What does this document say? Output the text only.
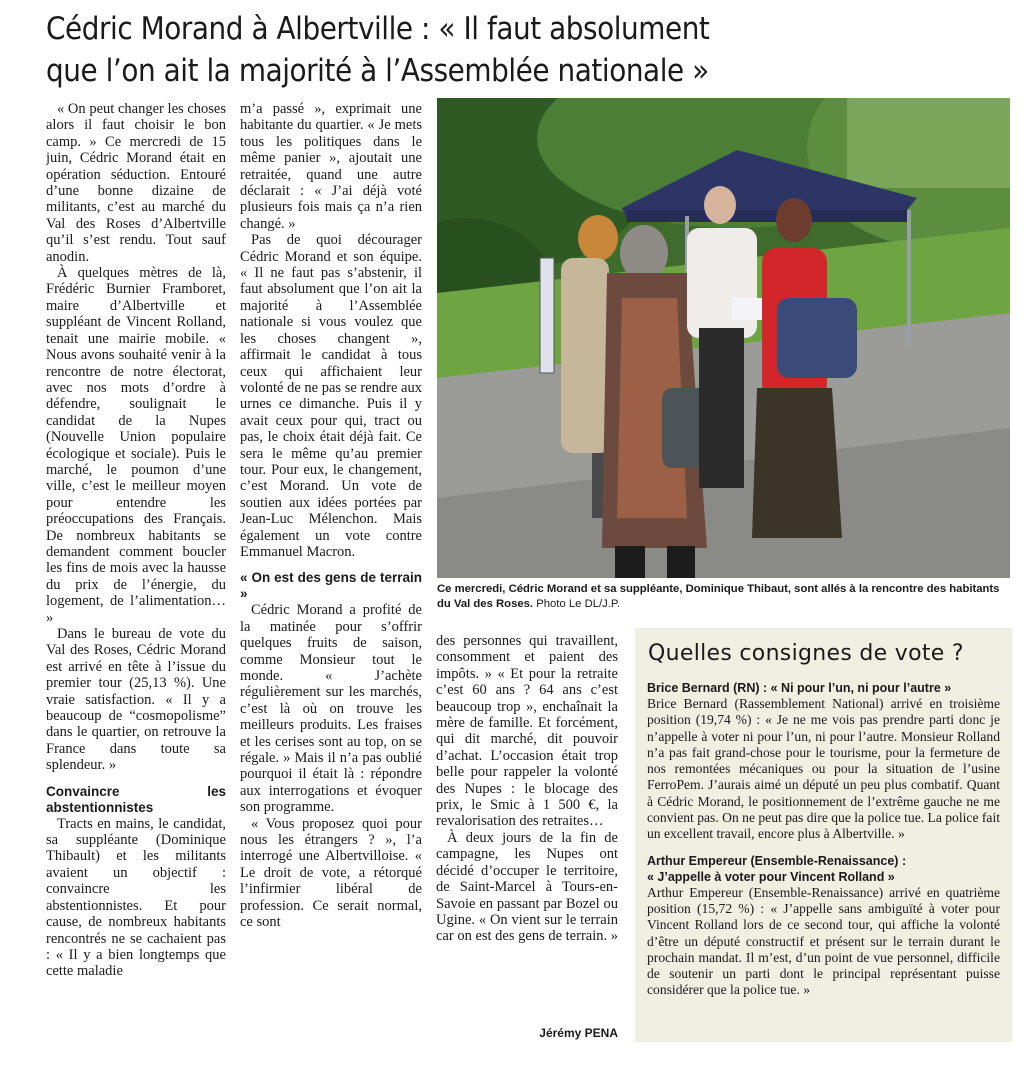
Cédric Morand à Albertville : « Il faut absolument
que l’on ait la majorité à l’Assemblée nationale »

« On peut changer les choses alors il faut choisir le bon camp. » Ce mercredi de 15 juin, Cédric Morand était en opération séduction. Entouré d’une bonne dizaine de militants, c’est au marché du Val des Roses d’Albertville qu’il s’est rendu. Tout sauf anodin.

À quelques mètres de là, Frédéric Burnier Framboret, maire d’Albertville et suppléant de Vincent Rolland, tenait une mairie mobile. « Nous avons souhaité venir à la rencontre de notre électorat, avec nos mots d’ordre à défendre, soulignait le candidat de la Nupes (Nouvelle Union populaire écologique et sociale). Puis le marché, le poumon d’une ville, c’est le meilleur moyen pour entendre les préoccupations des Français. De nombreux habitants se demandent comment boucler les fins de mois avec la hausse du prix de l’énergie, du logement, de l’alimentation… »

Dans le bureau de vote du Val des Roses, Cédric Morand est arrivé en tête à l’issue du premier tour (25,13 %). Une vraie satisfaction. « Il y a beaucoup de “cosmopolisme” dans le quartier, on retrouve la France dans toute sa splendeur. »

Convaincre les abstentionnistes

Tracts en mains, le candidat, sa suppléante (Dominique Thibault) et les militants avaient un objectif : convaincre les abstentionnistes. Et pour cause, de nombreux habitants rencontrés ne se cachaient pas : « Il y a bien longtemps que cette maladie

m’a passé », exprimait une habitante du quartier. « Je mets tous les politiques dans le même panier », ajoutait une retraitée, quand une autre déclarait : « J’ai déjà voté plusieurs fois mais ça n’a rien changé. »

Pas de quoi décourager Cédric Morand et son équipe. « Il ne faut pas s’abstenir, il faut absolument que l’on ait la majorité à l’Assemblée nationale si vous voulez que les choses changent », affirmait le candidat à tous ceux qui affichaient leur volonté de ne pas se rendre aux urnes ce dimanche. Puis il y avait ceux pour qui, tract ou pas, le choix était déjà fait. Ce sera le même qu’au premier tour. Pour eux, le changement, c’est Morand. Un vote de soutien aux idées portées par Jean-Luc Mélenchon. Mais également un vote contre Emmanuel Macron.

« On est des gens de terrain »

Cédric Morand a profité de la matinée pour s’offrir quelques fruits de saison, comme Monsieur tout le monde. « J’achète régulièrement sur les marchés, c’est là où on trouve les meilleurs produits. Les fraises et les cerises sont au top, on se régale. » Mais il n’a pas oublié pourquoi il était là : répondre aux interrogations et évoquer son programme.

« Vous proposez quoi pour nous les étrangers ? », l’a interrogé une Albertvilloise. « Le droit de vote, a rétorqué l’infirmier libéral de profession. Ce serait normal, ce sont

Ce mercredi, Cédric Morand et sa suppléante, Dominique Thibaut, sont allés à la rencontre des habitants du Val des Roses. Photo Le DL/J.P.

des personnes qui travaillent, consomment et paient des impôts. » « Et pour la retraite c’est 60 ans ? 64 ans c’est beaucoup trop », enchaînait la mère de famille. Et forcément, qui dit marché, dit pouvoir d’achat. L’occasion était trop belle pour rappeler la volonté des Nupes : le blocage des prix, le Smic à 1 500 €, la revalorisation des retraites…

À deux jours de la fin de campagne, les Nupes ont décidé d’occuper le territoire, de Saint-Marcel à Tours-en-Savoie en passant par Bozel ou Ugine. « On vient sur le terrain car on est des gens de terrain. »

Jérémy PENA
Quelles consignes de vote ?
Brice Bernard (RN) : « Ni pour l’un, ni pour l’autre »

Brice Bernard (Rassemblement National) arrivé en troisième position (19,74 %) : « Je ne me vois pas prendre parti donc je n’appelle à voter ni pour l’un, ni pour l’autre. Monsieur Rolland n’a pas fait grand-chose pour le tourisme, pour la fermeture de nos remontées mécaniques ou pour la situation de l’usine FerroPem. J’aurais aimé un député un peu plus combatif. Quant à Cédric Morand, le positionnement de l’extrême gauche ne me convient pas. On ne peut pas dire que la police tue. La police fait un excellent travail, encore plus à Albertville. »

Arthur Empereur (Ensemble-Renaissance) :
« J’appelle à voter pour Vincent Rolland »

Arthur Empereur (Ensemble-Renaissance) arrivé en quatrième position (15,72 %) : « J’appelle sans ambiguïté à voter pour Vincent Rolland lors de ce second tour, qui affiche la volonté d’être un député constructif et présent sur le terrain durant le prochain mandat. Il m’est, d’un point de vue personnel, difficile de soutenir un parti dont le principal représentant puisse considérer que la police tue. »
